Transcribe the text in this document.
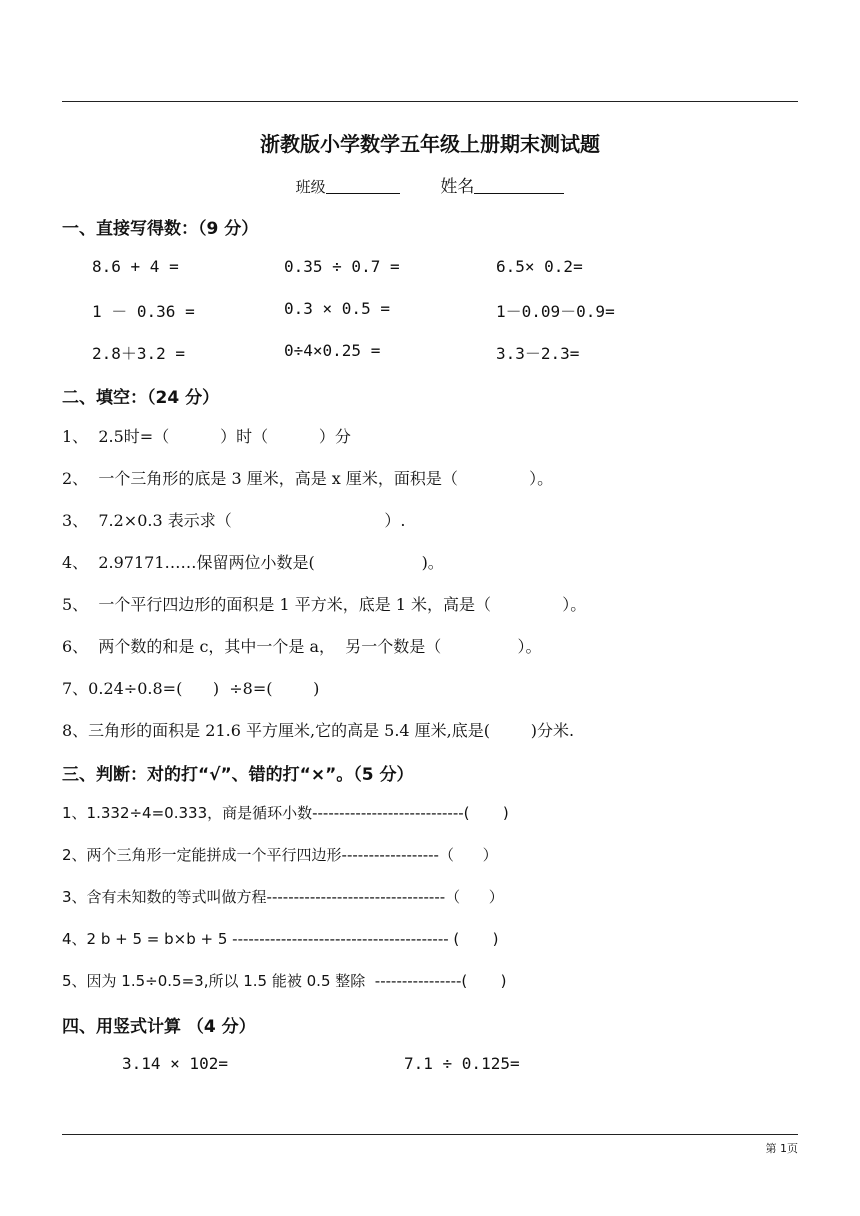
浙教版小学数学五年级上册期末测试题
班级	姓名
一、直接写得数：（9 分）
8.6 + 4 =	0.35 ÷ 0.7 =	6.5× 0.2=
1 － 0.36 =	0.3 × 0.5 =	1－0.09－0.9=
2.8＋3.2 =	0÷4×0.25 =	3.3－2.3=
二、填空：（24 分）
1、  2.5时=（          ）时（          ）分
2、  一个三角形的底是 3 厘米，高是 x 厘米，面积是（              ）。
3、  7.2×0.3 表示求（                              ）.
4、  2.97171……保留两位小数是(                     )。
5、  一个平行四边形的面积是 1 平方米，底是 1 米，高是（              ）。
6、  两个数的和是 c，其中一个是 a，  另一个数是（               ）。
7、0.24÷0.8=(      )  ÷8=(        )
8、三角形的面积是 21.6 平方厘米,它的高是 5.4 厘米,底是(        )分米.
三、判断：对的打“√”、错的打“×”。（5 分）
1、1.332÷4=0.333，商是循环小数----------------------------(       )
2、两个三角形一定能拼成一个平行四边形------------------（      ）
3、含有未知数的等式叫做方程---------------------------------（      ）
4、2 b + 5 = b×b + 5 ---------------------------------------- (       )
5、因为 1.5÷0.5=3,所以 1.5 能被 0.5 整除  ----------------(       )
四、用竖式计算 （4 分）
3.14 × 102=	7.1 ÷ 0.125=
第 1页
